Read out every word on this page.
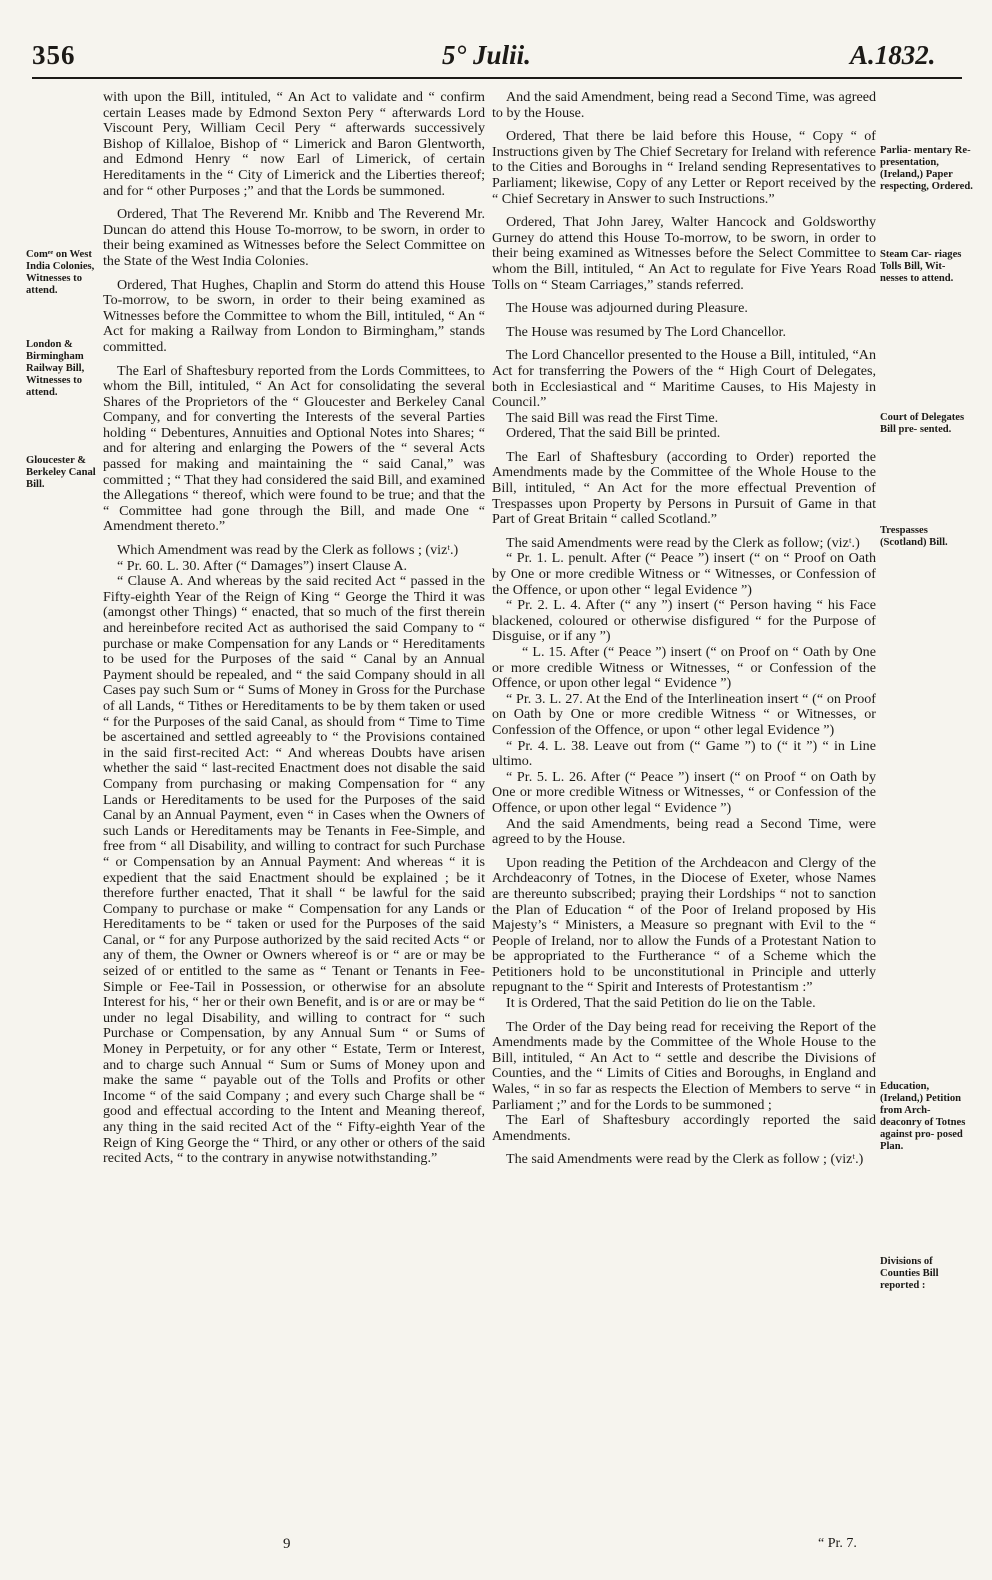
356	5° Julii.	A.1832.
Comᵉᵉ on West India Colonies, Witnesses to attend.
London & Birmingham Railway Bill, Witnesses to attend.
Gloucester & Berkeley Canal Bill.
Parlia- mentary Re- presentation, (Ireland,) Paper respecting, Ordered.
Steam Car- riages Tolls Bill, Wit- nesses to attend.
Court of Delegates Bill pre- sented.
Trespasses (Scotland) Bill.
Education, (Ireland,) Petition from Arch- deaconry of Totnes against pro- posed Plan.
Divisions of Counties Bill reported :

with upon the Bill, intituled, “ An Act to validate and “ confirm certain Leases made by Edmond Sexton Pery “ afterwards Lord Viscount Pery, William Cecil Pery “ afterwards successively Bishop of Killaloe, Bishop of “ Limerick and Baron Glentworth, and Edmond Henry “ now Earl of Limerick, of certain Hereditaments in the “ City of Limerick and the Liberties thereof; and for “ other Purposes ;” and that the Lords be summoned.

Ordered, That The Reverend Mr. Knibb and The Reverend Mr. Duncan do attend this House To-morrow, to be sworn, in order to their being examined as Witnesses before the Select Committee on the State of the West India Colonies.

Ordered, That Hughes, Chaplin and Storm do attend this House To-morrow, to be sworn, in order to their being examined as Witnesses before the Committee to whom the Bill, intituled, “ An “ Act for making a Railway from London to Birmingham,” stands committed.

The Earl of Shaftesbury reported from the Lords Committees, to whom the Bill, intituled, “ An Act for consolidating the several Shares of the Proprietors of the “ Gloucester and Berkeley Canal Company, and for converting the Interests of the several Parties holding “ Debentures, Annuities and Optional Notes into Shares; “ and for altering and enlarging the Powers of the “ several Acts passed for making and maintaining the “ said Canal,” was committed ; “ That they had considered the said Bill, and examined the Allegations “ thereof, which were found to be true; and that the “ Committee had gone through the Bill, and made One “ Amendment thereto.”

Which Amendment was read by the Clerk as follows ; (vizᵗ.)

“ Pr. 60. L. 30. After (“ Damages”) insert Clause A.

“ Clause A. And whereas by the said recited Act “ passed in the Fifty-eighth Year of the Reign of King “ George the Third it was (amongst other Things) “ enacted, that so much of the first therein and hereinbefore recited Act as authorised the said Company to “ purchase or make Compensation for any Lands or “ Hereditaments to be used for the Purposes of the said “ Canal by an Annual Payment should be repealed, and “ the said Company should in all Cases pay such Sum or “ Sums of Money in Gross for the Purchase of all Lands, “ Tithes or Hereditaments to be by them taken or used “ for the Purposes of the said Canal, as should from “ Time to Time be ascertained and settled agreeably to “ the Provisions contained in the said first-recited Act: “ And whereas Doubts have arisen whether the said “ last-recited Enactment does not disable the said Company from purchasing or making Compensation for “ any Lands or Hereditaments to be used for the Purposes of the said Canal by an Annual Payment, even “ in Cases when the Owners of such Lands or Hereditaments may be Tenants in Fee-Simple, and free from “ all Disability, and willing to contract for such Purchase “ or Compensation by an Annual Payment: And whereas “ it is expedient that the said Enactment should be explained ; be it therefore further enacted, That it shall “ be lawful for the said Company to purchase or make “ Compensation for any Lands or Hereditaments to be “ taken or used for the Purposes of the said Canal, or “ for any Purpose authorized by the said recited Acts “ or any of them, the Owner or Owners whereof is or “ are or may be seized of or entitled to the same as “ Tenant or Tenants in Fee-Simple or Fee-Tail in Possession, or otherwise for an absolute Interest for his, “ her or their own Benefit, and is or are or may be “ under no legal Disability, and willing to contract for “ such Purchase or Compensation, by any Annual Sum “ or Sums of Money in Perpetuity, or for any other “ Estate, Term or Interest, and to charge such Annual “ Sum or Sums of Money upon and make the same “ payable out of the Tolls and Profits or other Income “ of the said Company ; and every such Charge shall be “ good and effectual according to the Intent and Meaning thereof, any thing in the said recited Act of the “ Fifty-eighth Year of the Reign of King George the “ Third, or any other or others of the said recited Acts, “ to the contrary in anywise notwithstanding.”

And the said Amendment, being read a Second Time, was agreed to by the House.

Ordered, That there be laid before this House, “ Copy “ of Instructions given by The Chief Secretary for Ireland with reference to the Cities and Boroughs in “ Ireland sending Representatives to Parliament; likewise, Copy of any Letter or Report received by the “ Chief Secretary in Answer to such Instructions.”

Ordered, That John Jarey, Walter Hancock and Goldsworthy Gurney do attend this House To-morrow, to be sworn, in order to their being examined as Witnesses before the Select Committee to whom the Bill, intituled, “ An Act to regulate for Five Years Road Tolls on “ Steam Carriages,” stands referred.

The House was adjourned during Pleasure.

The House was resumed by The Lord Chancellor.

The Lord Chancellor presented to the House a Bill, intituled, “An Act for transferring the Powers of the “ High Court of Delegates, both in Ecclesiastical and “ Maritime Causes, to His Majesty in Council.”

The said Bill was read the First Time.

Ordered, That the said Bill be printed.

The Earl of Shaftesbury (according to Order) reported the Amendments made by the Committee of the Whole House to the Bill, intituled, “ An Act for the more effectual Prevention of Trespasses upon Property by Persons in Pursuit of Game in that Part of Great Britain “ called Scotland.”

The said Amendments were read by the Clerk as follow; (vizᵗ.)

“ Pr. 1. L. penult. After (“ Peace ”) insert (“ on “ Proof on Oath by One or more credible Witness or “ Witnesses, or Confession of the Offence, or upon other “ legal Evidence ”)

“ Pr. 2. L. 4. After (“ any ”) insert (“ Person having “ his Face blackened, coloured or otherwise disfigured “ for the Purpose of Disguise, or if any ”)

“ L. 15. After (“ Peace ”) insert (“ on Proof on “ Oath by One or more credible Witness or Witnesses, “ or Confession of the Offence, or upon other legal “ Evidence ”)

“ Pr. 3. L. 27. At the End of the Interlineation insert “ (“ on Proof on Oath by One or more credible Witness “ or Witnesses, or Confession of the Offence, or upon “ other legal Evidence ”)

“ Pr. 4. L. 38. Leave out from (“ Game ”) to (“ it ”) “ in Line ultimo.

“ Pr. 5. L. 26. After (“ Peace ”) insert (“ on Proof “ on Oath by One or more credible Witness or Witnesses, “ or Confession of the Offence, or upon other legal “ Evidence ”)

And the said Amendments, being read a Second Time, were agreed to by the House.

Upon reading the Petition of the Archdeacon and Clergy of the Archdeaconry of Totnes, in the Diocese of Exeter, whose Names are thereunto subscribed; praying their Lordships “ not to sanction the Plan of Education “ of the Poor of Ireland proposed by His Majesty’s “ Ministers, a Measure so pregnant with Evil to the “ People of Ireland, nor to allow the Funds of a Protestant Nation to be appropriated to the Furtherance “ of a Scheme which the Petitioners hold to be unconstitutional in Principle and utterly repugnant to the “ Spirit and Interests of Protestantism :”

It is Ordered, That the said Petition do lie on the Table.

The Order of the Day being read for receiving the Report of the Amendments made by the Committee of the Whole House to the Bill, intituled, “ An Act to “ settle and describe the Divisions of Counties, and the “ Limits of Cities and Boroughs, in England and Wales, “ in so far as respects the Election of Members to serve “ in Parliament ;” and for the Lords to be summoned ;

The Earl of Shaftesbury accordingly reported the said Amendments.

The said Amendments were read by the Clerk as follow ; (vizᵗ.)

9	“ Pr. 7.
